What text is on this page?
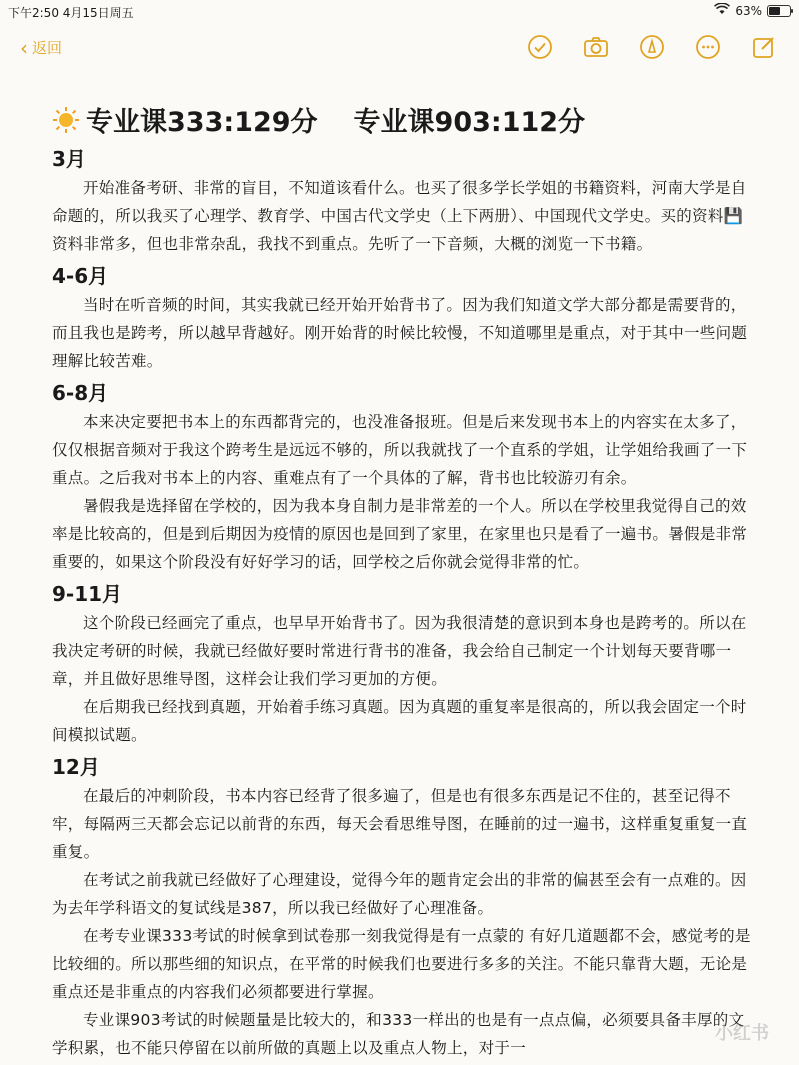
下午2:50 4月15日周五	63%
‹ 返回
专业课333:129分 专业课903:112分
3月

开始准备考研、非常的盲目，不知道该看什么。也买了很多学长学姐的书籍资料，河南大学是自命题的，所以我买了心理学、教育学、中国古代文学史（上下两册）、中国现代文学史。买的资料💾资料非常多，但也非常杂乱，我找不到重点。先听了一下音频，大概的浏览一下书籍。

4-6月

当时在听音频的时间，其实我就已经开始开始背书了。因为我们知道文学大部分都是需要背的，而且我也是跨考，所以越早背越好。刚开始背的时候比较慢，不知道哪里是重点，对于其中一些问题理解比较苦难。

6-8月

本来决定要把书本上的东西都背完的，也没准备报班。但是后来发现书本上的内容实在太多了，仅仅根据音频对于我这个跨考生是远远不够的，所以我就找了一个直系的学姐，让学姐给我画了一下重点。之后我对书本上的内容、重难点有了一个具体的了解，背书也比较游刃有余。

暑假我是选择留在学校的，因为我本身自制力是非常差的一个人。所以在学校里我觉得自己的效率是比较高的，但是到后期因为疫情的原因也是回到了家里，在家里也只是看了一遍书。暑假是非常重要的，如果这个阶段没有好好学习的话，回学校之后你就会觉得非常的忙。

9-11月

这个阶段已经画完了重点，也早早开始背书了。因为我很清楚的意识到本身也是跨考的。所以在我决定考研的时候，我就已经做好要时常进行背书的准备，我会给自己制定一个计划每天要背哪一章，并且做好思维导图，这样会让我们学习更加的方便。

在后期我已经找到真题，开始着手练习真题。因为真题的重复率是很高的，所以我会固定一个时间模拟试题。

12月

在最后的冲刺阶段，书本内容已经背了很多遍了，但是也有很多东西是记不住的，甚至记得不牢，每隔两三天都会忘记以前背的东西，每天会看思维导图，在睡前的过一遍书，这样重复重复一直重复。

在考试之前我就已经做好了心理建设，觉得今年的题肯定会出的非常的偏甚至会有一点难的。因为去年学科语文的复试线是387，所以我已经做好了心理准备。

在考专业课333考试的时候拿到试卷那一刻我觉得是有一点蒙的 有好几道题都不会，感觉考的是比较细的。所以那些细的知识点，在平常的时候我们也要进行多多的关注。不能只靠背大题，无论是重点还是非重点的内容我们必须都要进行掌握。

专业课903考试的时候题量是比较大的，和333一样出的也是有一点点偏，必须要具备丰厚的文学积累，也不能只停留在以前所做的真题上以及重点人物上，对于一

小红书
